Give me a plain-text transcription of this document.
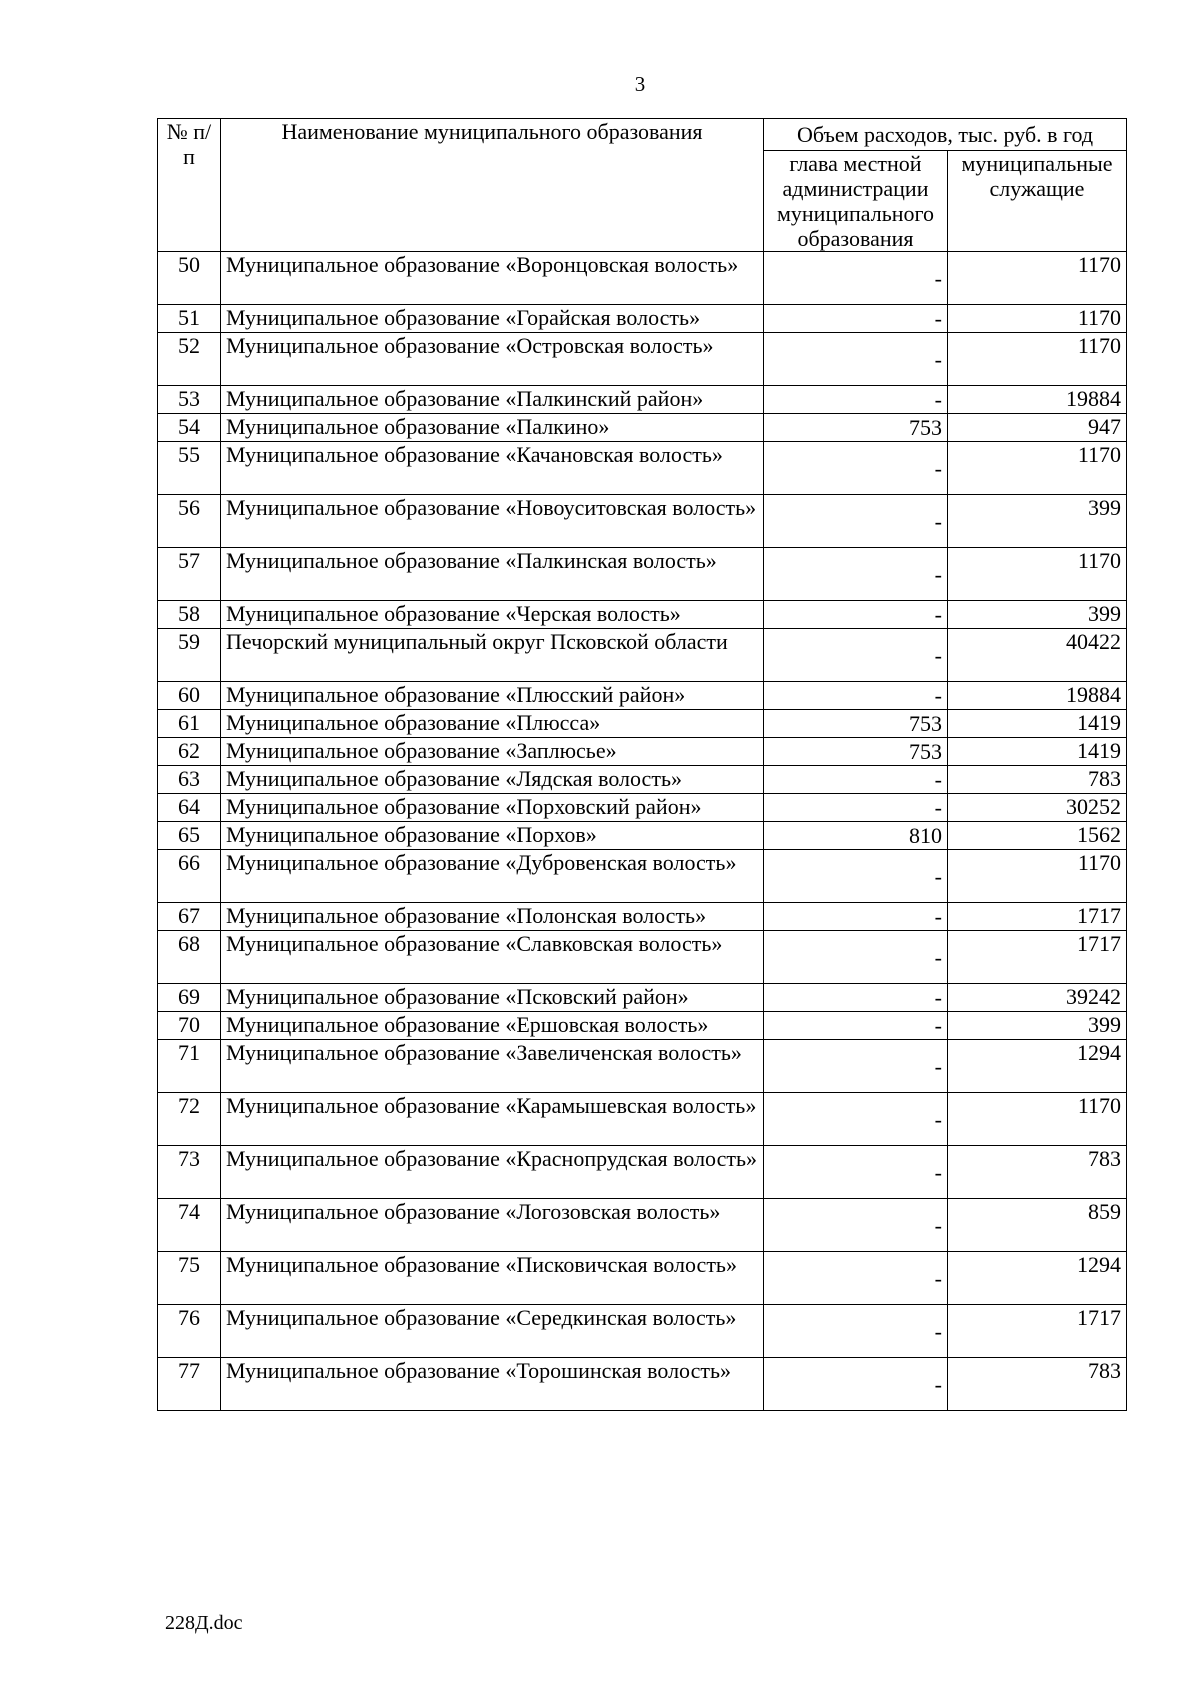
3
№ п/п	Наименование муниципального образования	Объем расходов, тыс. руб. в год	
		глава местной администрации муниципального образования	муниципальные служащие
50	Муниципальное образование «Воронцовская волость»	-	1170
51	Муниципальное образование «Горайская волость»	-	1170
52	Муниципальное образование «Островская волость»	-	1170
53	Муниципальное образование «Палкинский район»	-	19884
54	Муниципальное образование «Палкино»	753	947
55	Муниципальное образование «Качановская волость»	-	1170
56	Муниципальное образование «Новоуситовская волость»	-	399
57	Муниципальное образование «Палкинская волость»	-	1170
58	Муниципальное образование «Черская волость»	-	399
59	Печорский муниципальный округ Псковской области	-	40422
60	Муниципальное образование «Плюсский район»	-	19884
61	Муниципальное образование «Плюсса»	753	1419
62	Муниципальное образование «Заплюсье»	753	1419
63	Муниципальное образование «Лядская волость»	-	783
64	Муниципальное образование «Порховский район»	-	30252
65	Муниципальное образование «Порхов»	810	1562
66	Муниципальное образование «Дубровенская волость»	-	1170
67	Муниципальное образование «Полонская волость»	-	1717
68	Муниципальное образование «Славковская волость»	-	1717
69	Муниципальное образование «Псковский район»	-	39242
70	Муниципальное образование «Ершовская волость»	-	399
71	Муниципальное образование «Завеличенская волость»	-	1294
72	Муниципальное образование «Карамышевская волость»	-	1170
73	Муниципальное образование «Краснопрудская волость»	-	783
74	Муниципальное образование «Логозовская волость»	-	859
75	Муниципальное образование «Писковичская волость»	-	1294
76	Муниципальное образование «Середкинская волость»	-	1717
77	Муниципальное образование «Торошинская волость»	-	783
228Д.doc
